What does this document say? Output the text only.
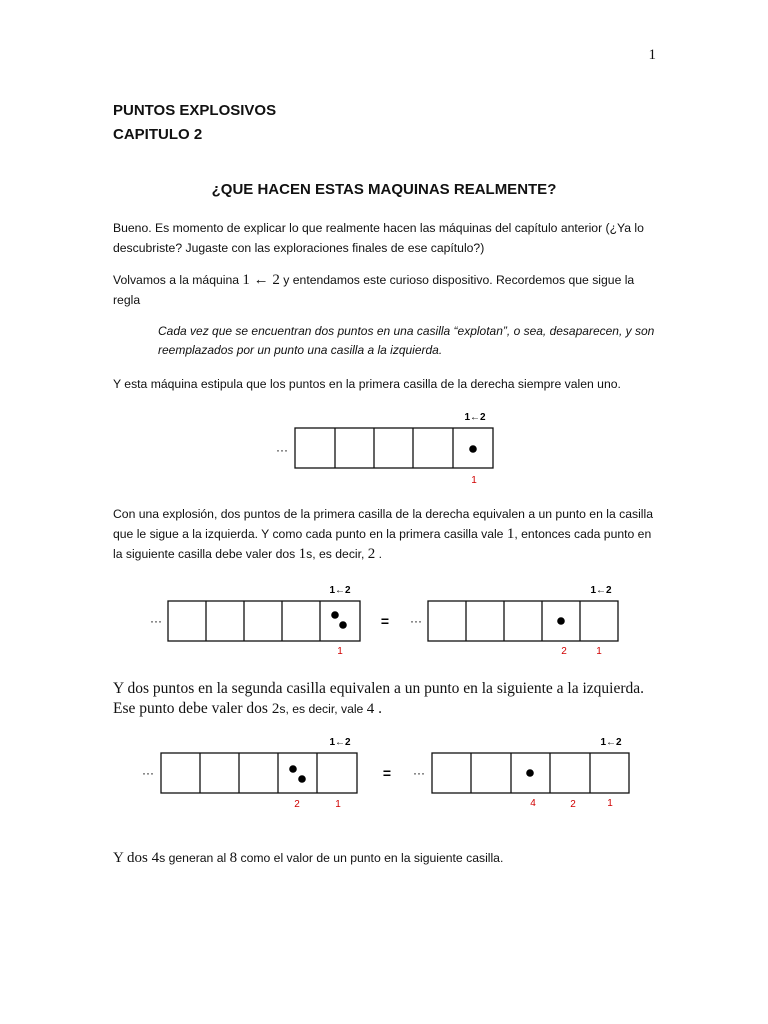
1
PUNTOS EXPLOSIVOS
CAPITULO 2
¿QUE HACEN ESTAS MAQUINAS REALMENTE?
Bueno. Es momento de explicar lo que realmente hacen las máquinas del capítulo anterior (¿Ya lo descubriste? Jugaste con las exploraciones finales de ese capítulo?)
Volvamos a la máquina 1 ← 2 y entendamos este curioso dispositivo. Recordemos que sigue la regla
Cada vez que se encuentran dos puntos en una casilla “explotan”, o sea, desaparecen, y son reemplazados por un punto una casilla a la izquierda.
Y esta máquina estipula que los puntos en la primera casilla de la derecha siempre valen uno.
1←2
···
1
Con una explosión, dos puntos de la primera casilla de la derecha equivalen a un punto en la casilla que le sigue a la izquierda. Y como cada punto en la primera casilla vale 1, entonces cada punto en la siguiente casilla debe valer dos 1s, es decir, 2 .
1←2
···
1
= ···
1←2
2	1
Y dos puntos en la segunda casilla equivalen a un punto en la siguiente a la izquierda. Ese punto debe valer dos 2s, es decir, vale 4 .
1←2
···
2	1
= ···
1←2
4	2	1
Y dos 4s generan al 8 como el valor de un punto en la siguiente casilla.
